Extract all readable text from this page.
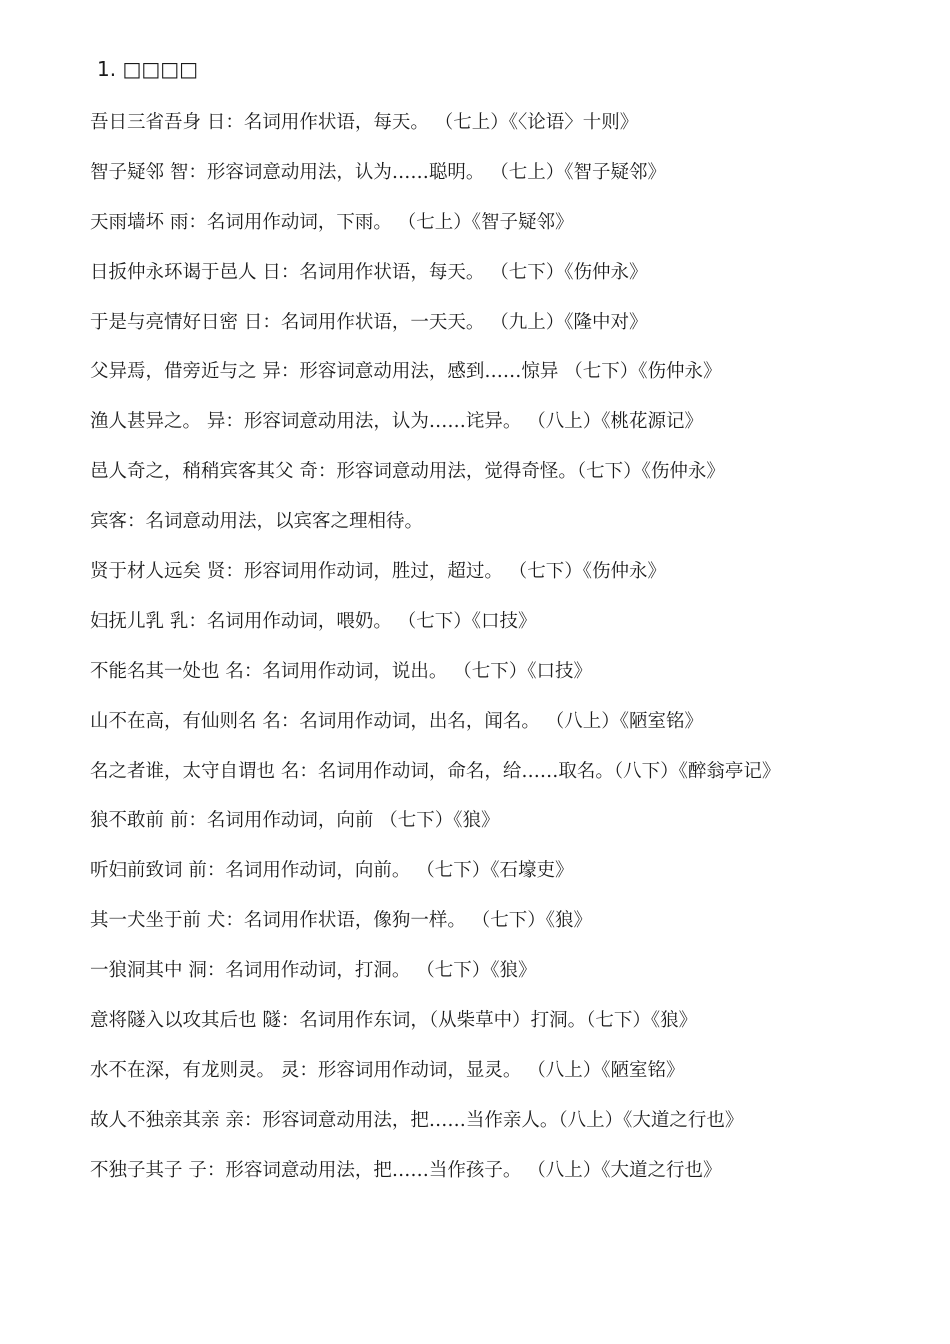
1. □□□□
吾日三省吾身 日：名词用作状语，每天。 （七上）《〈论语〉十则》
智子疑邻 智：形容词意动用法，认为……聪明。 （七上）《智子疑邻》
天雨墙坏 雨：名词用作动词，下雨。 （七上）《智子疑邻》
日扳仲永环谒于邑人 日：名词用作状语，每天。 （七下）《伤仲永》
于是与亮情好日密 日：名词用作状语，一天天。 （九上）《隆中对》
父异焉，借旁近与之 异：形容词意动用法，感到……惊异 （七下）《伤仲永》
渔人甚异之。 异：形容词意动用法，认为……诧异。 （八上）《桃花源记》
邑人奇之，稍稍宾客其父 奇：形容词意动用法，觉得奇怪。（七下）《伤仲永》
宾客：名词意动用法，以宾客之理相待。
贤于材人远矣 贤：形容词用作动词，胜过，超过。 （七下）《伤仲永》
妇抚儿乳 乳：名词用作动词，喂奶。 （七下）《口技》
不能名其一处也 名：名词用作动词，说出。 （七下）《口技》
山不在高，有仙则名 名：名词用作动词，出名，闻名。 （八上）《陋室铭》
名之者谁，太守自谓也 名：名词用作动词，命名，给……取名。（八下）《醉翁亭记》
狼不敢前 前：名词用作动词，向前 （七下）《狼》
听妇前致词 前：名词用作动词，向前。 （七下）《石壕吏》
其一犬坐于前 犬：名词用作状语，像狗一样。 （七下）《狼》
一狼洞其中 洞：名词用作动词，打洞。 （七下）《狼》
意将隧入以攻其后也 隧：名词用作东词，（从柴草中）打洞。（七下）《狼》
水不在深，有龙则灵。 灵：形容词用作动词，显灵。 （八上）《陋室铭》
故人不独亲其亲 亲：形容词意动用法，把……当作亲人。（八上）《大道之行也》
不独子其子 子：形容词意动用法，把……当作孩子。 （八上）《大道之行也》
